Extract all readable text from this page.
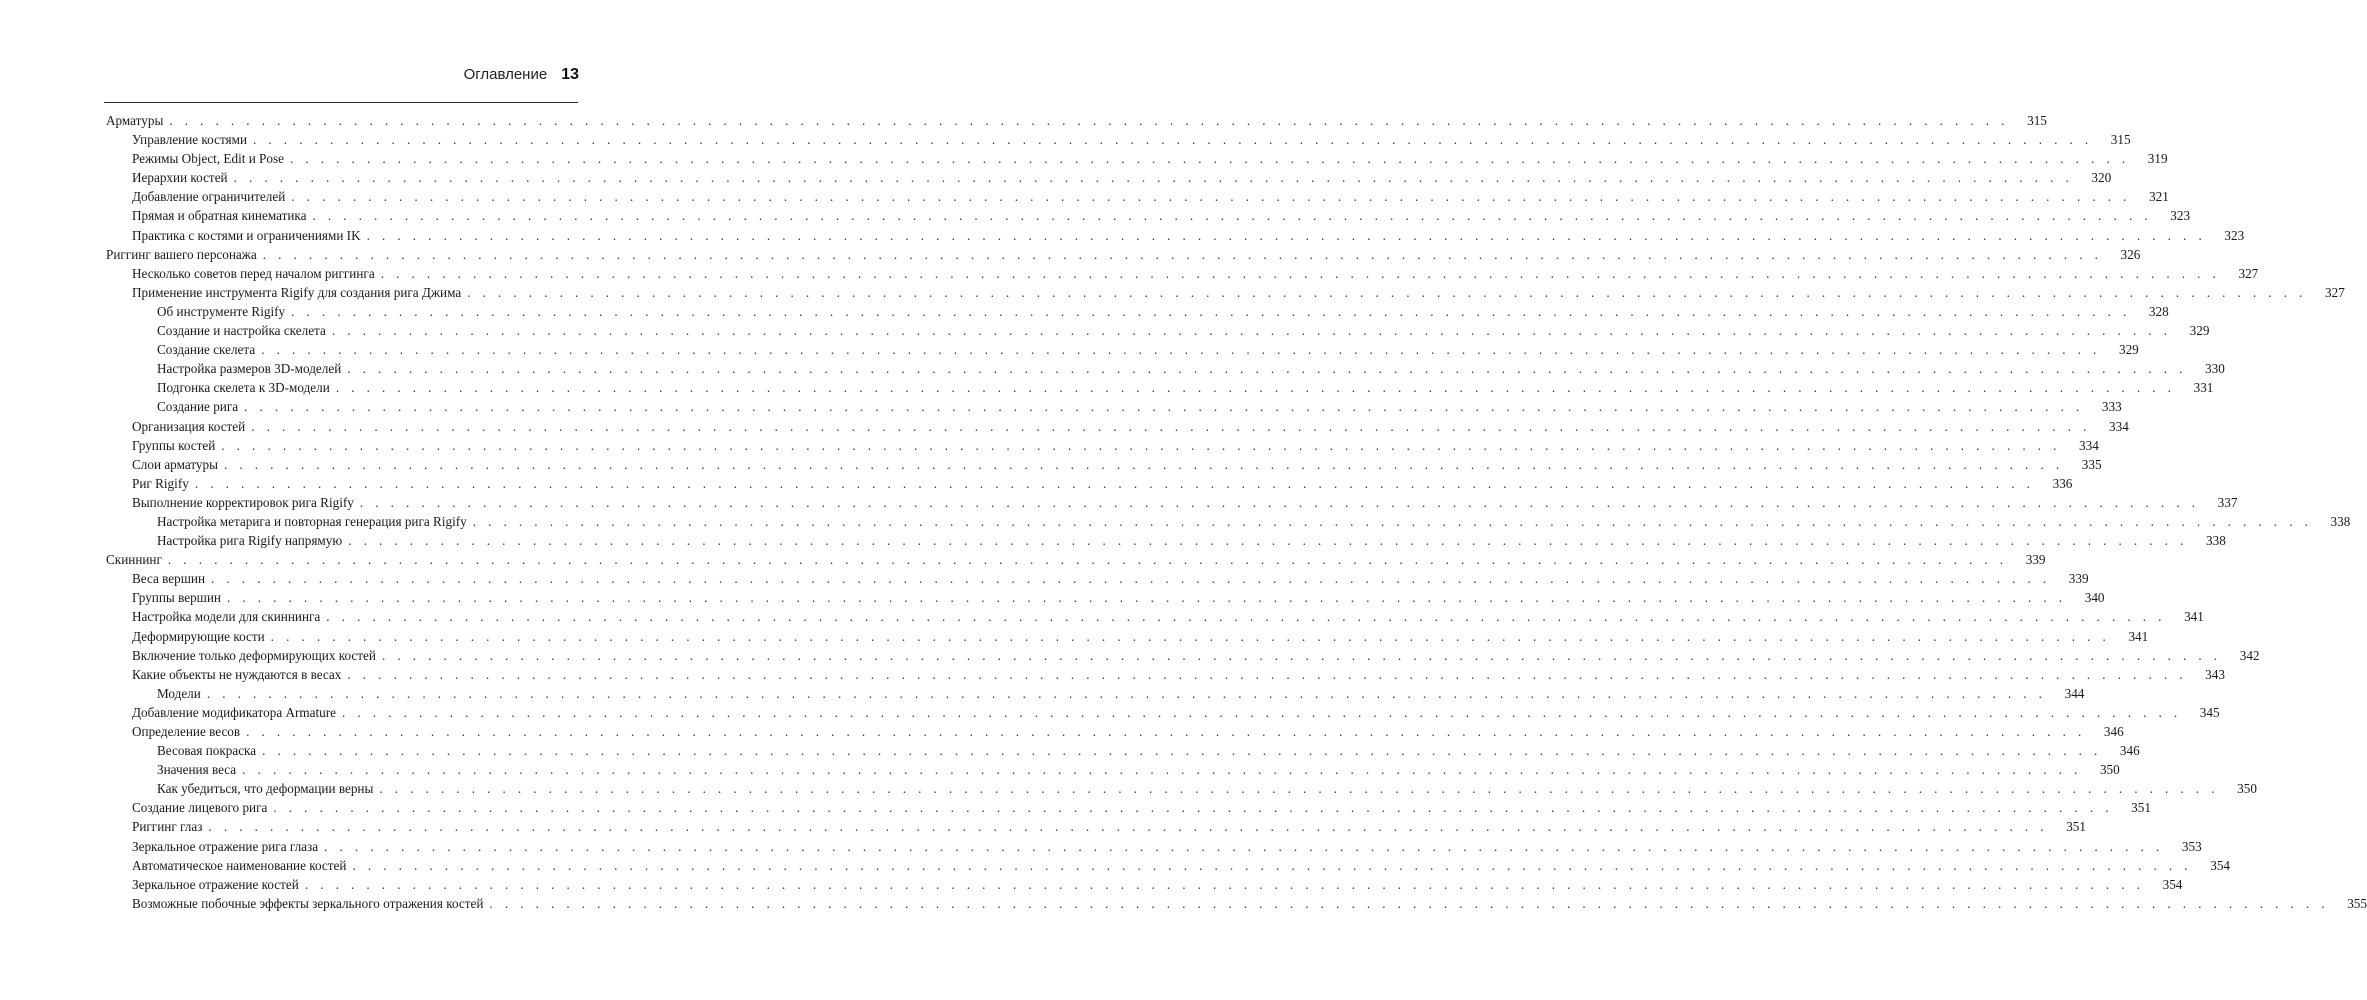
Оглавление 13
Арматуры . . . . . . . . . . . . . . . . . . . . . . . . . . . . . . . . . . . . . . . . . . . . . . . . . . . . . . . . . . . . . . . . . . . . . . . . . . . . . . . . . . . . . . . . . . . . . . . . . . . . . . . . . . . . . . . . . . . . . . . .	315
Управление костями . . . . . . . . . . . . . . . . . . . . . . . . . . . . . . . . . . . . . . . . . . . . . . . . . . . . . . . . . . . . . . . . . . . . . . . . . . . . . . . . . . . . . . . . . . . . . . . . . . . . . . . . . . . . . . . . . . . . . . . .	315
Режимы Object, Edit и Pose . . . . . . . . . . . . . . . . . . . . . . . . . . . . . . . . . . . . . . . . . . . . . . . . . . . . . . . . . . . . . . . . . . . . . . . . . . . . . . . . . . . . . . . . . . . . . . . . . . . . . . . . . . . . . . . . . . . . . . . .	319
Иерархии костей . . . . . . . . . . . . . . . . . . . . . . . . . . . . . . . . . . . . . . . . . . . . . . . . . . . . . . . . . . . . . . . . . . . . . . . . . . . . . . . . . . . . . . . . . . . . . . . . . . . . . . . . . . . . . . . . . . . . . . . .	320
Добавление ограничителей . . . . . . . . . . . . . . . . . . . . . . . . . . . . . . . . . . . . . . . . . . . . . . . . . . . . . . . . . . . . . . . . . . . . . . . . . . . . . . . . . . . . . . . . . . . . . . . . . . . . . . . . . . . . . . . . . . . . . . . .	321
Прямая и обратная кинематика . . . . . . . . . . . . . . . . . . . . . . . . . . . . . . . . . . . . . . . . . . . . . . . . . . . . . . . . . . . . . . . . . . . . . . . . . . . . . . . . . . . . . . . . . . . . . . . . . . . . . . . . . . . . . . . . . . . . . . . .	323
Практика с костями и ограничениями IK . . . . . . . . . . . . . . . . . . . . . . . . . . . . . . . . . . . . . . . . . . . . . . . . . . . . . . . . . . . . . . . . . . . . . . . . . . . . . . . . . . . . . . . . . . . . . . . . . . . . . . . . . . . . . . . . . . . . . . . .	323
Риггинг вашего персонажа . . . . . . . . . . . . . . . . . . . . . . . . . . . . . . . . . . . . . . . . . . . . . . . . . . . . . . . . . . . . . . . . . . . . . . . . . . . . . . . . . . . . . . . . . . . . . . . . . . . . . . . . . . . . . . . . . . . . . . . .	326
Несколько советов перед началом риггинга . . . . . . . . . . . . . . . . . . . . . . . . . . . . . . . . . . . . . . . . . . . . . . . . . . . . . . . . . . . . . . . . . . . . . . . . . . . . . . . . . . . . . . . . . . . . . . . . . . . . . . . . . . . . . . . . . . . . . . . .	327
Применение инструмента Rigify для создания рига Джима . . . . . . . . . . . . . . . . . . . . . . . . . . . . . . . . . . . . . . . . . . . . . . . . . . . . . . . . . . . . . . . . . . . . . . . . . . . . . . . . . . . . . . . . . . . . . . . . . . . . . . . . . . . . . . . . . . . . . . . .	327
Об инструменте Rigify . . . . . . . . . . . . . . . . . . . . . . . . . . . . . . . . . . . . . . . . . . . . . . . . . . . . . . . . . . . . . . . . . . . . . . . . . . . . . . . . . . . . . . . . . . . . . . . . . . . . . . . . . . . . . . . . . . . . . . . .	328
Создание и настройка скелета . . . . . . . . . . . . . . . . . . . . . . . . . . . . . . . . . . . . . . . . . . . . . . . . . . . . . . . . . . . . . . . . . . . . . . . . . . . . . . . . . . . . . . . . . . . . . . . . . . . . . . . . . . . . . . . . . . . . . . . .	329
Создание скелета . . . . . . . . . . . . . . . . . . . . . . . . . . . . . . . . . . . . . . . . . . . . . . . . . . . . . . . . . . . . . . . . . . . . . . . . . . . . . . . . . . . . . . . . . . . . . . . . . . . . . . . . . . . . . . . . . . . . . . . .	329
Настройка размеров 3D-моделей . . . . . . . . . . . . . . . . . . . . . . . . . . . . . . . . . . . . . . . . . . . . . . . . . . . . . . . . . . . . . . . . . . . . . . . . . . . . . . . . . . . . . . . . . . . . . . . . . . . . . . . . . . . . . . . . . . . . . . . .	330
Подгонка скелета к 3D-модели . . . . . . . . . . . . . . . . . . . . . . . . . . . . . . . . . . . . . . . . . . . . . . . . . . . . . . . . . . . . . . . . . . . . . . . . . . . . . . . . . . . . . . . . . . . . . . . . . . . . . . . . . . . . . . . . . . . . . . . .	331
Создание рига . . . . . . . . . . . . . . . . . . . . . . . . . . . . . . . . . . . . . . . . . . . . . . . . . . . . . . . . . . . . . . . . . . . . . . . . . . . . . . . . . . . . . . . . . . . . . . . . . . . . . . . . . . . . . . . . . . . . . . . .	333
Организация костей . . . . . . . . . . . . . . . . . . . . . . . . . . . . . . . . . . . . . . . . . . . . . . . . . . . . . . . . . . . . . . . . . . . . . . . . . . . . . . . . . . . . . . . . . . . . . . . . . . . . . . . . . . . . . . . . . . . . . . . .	334
Группы костей . . . . . . . . . . . . . . . . . . . . . . . . . . . . . . . . . . . . . . . . . . . . . . . . . . . . . . . . . . . . . . . . . . . . . . . . . . . . . . . . . . . . . . . . . . . . . . . . . . . . . . . . . . . . . . . . . . . . . . . .	334
Слои арматуры . . . . . . . . . . . . . . . . . . . . . . . . . . . . . . . . . . . . . . . . . . . . . . . . . . . . . . . . . . . . . . . . . . . . . . . . . . . . . . . . . . . . . . . . . . . . . . . . . . . . . . . . . . . . . . . . . . . . . . . .	335
Риг Rigify . . . . . . . . . . . . . . . . . . . . . . . . . . . . . . . . . . . . . . . . . . . . . . . . . . . . . . . . . . . . . . . . . . . . . . . . . . . . . . . . . . . . . . . . . . . . . . . . . . . . . . . . . . . . . . . . . . . . . . . .	336
Выполнение корректировок рига Rigify . . . . . . . . . . . . . . . . . . . . . . . . . . . . . . . . . . . . . . . . . . . . . . . . . . . . . . . . . . . . . . . . . . . . . . . . . . . . . . . . . . . . . . . . . . . . . . . . . . . . . . . . . . . . . . . . . . . . . . . .	337
Настройка метарига и повторная генерация рига Rigify . . . . . . . . . . . . . . . . . . . . . . . . . . . . . . . . . . . . . . . . . . . . . . . . . . . . . . . . . . . . . . . . . . . . . . . . . . . . . . . . . . . . . . . . . . . . . . . . . . . . . . . . . . . . . . . . . . . . . . . .	338
Настройка рига Rigify напрямую . . . . . . . . . . . . . . . . . . . . . . . . . . . . . . . . . . . . . . . . . . . . . . . . . . . . . . . . . . . . . . . . . . . . . . . . . . . . . . . . . . . . . . . . . . . . . . . . . . . . . . . . . . . . . . . . . . . . . . . .	338
Скиннинг . . . . . . . . . . . . . . . . . . . . . . . . . . . . . . . . . . . . . . . . . . . . . . . . . . . . . . . . . . . . . . . . . . . . . . . . . . . . . . . . . . . . . . . . . . . . . . . . . . . . . . . . . . . . . . . . . . . . . . . .	339
Веса вершин . . . . . . . . . . . . . . . . . . . . . . . . . . . . . . . . . . . . . . . . . . . . . . . . . . . . . . . . . . . . . . . . . . . . . . . . . . . . . . . . . . . . . . . . . . . . . . . . . . . . . . . . . . . . . . . . . . . . . . . .	339
Группы вершин . . . . . . . . . . . . . . . . . . . . . . . . . . . . . . . . . . . . . . . . . . . . . . . . . . . . . . . . . . . . . . . . . . . . . . . . . . . . . . . . . . . . . . . . . . . . . . . . . . . . . . . . . . . . . . . . . . . . . . . .	340
Настройка модели для скиннинга . . . . . . . . . . . . . . . . . . . . . . . . . . . . . . . . . . . . . . . . . . . . . . . . . . . . . . . . . . . . . . . . . . . . . . . . . . . . . . . . . . . . . . . . . . . . . . . . . . . . . . . . . . . . . . . . . . . . . . . .	341
Деформирующие кости . . . . . . . . . . . . . . . . . . . . . . . . . . . . . . . . . . . . . . . . . . . . . . . . . . . . . . . . . . . . . . . . . . . . . . . . . . . . . . . . . . . . . . . . . . . . . . . . . . . . . . . . . . . . . . . . . . . . . . . .	341
Включение только деформирующих костей . . . . . . . . . . . . . . . . . . . . . . . . . . . . . . . . . . . . . . . . . . . . . . . . . . . . . . . . . . . . . . . . . . . . . . . . . . . . . . . . . . . . . . . . . . . . . . . . . . . . . . . . . . . . . . . . . . . . . . . .	342
Какие объекты не нуждаются в весах . . . . . . . . . . . . . . . . . . . . . . . . . . . . . . . . . . . . . . . . . . . . . . . . . . . . . . . . . . . . . . . . . . . . . . . . . . . . . . . . . . . . . . . . . . . . . . . . . . . . . . . . . . . . . . . . . . . . . . . .	343
Модели . . . . . . . . . . . . . . . . . . . . . . . . . . . . . . . . . . . . . . . . . . . . . . . . . . . . . . . . . . . . . . . . . . . . . . . . . . . . . . . . . . . . . . . . . . . . . . . . . . . . . . . . . . . . . . . . . . . . . . . .	344
Добавление модификатора Armature . . . . . . . . . . . . . . . . . . . . . . . . . . . . . . . . . . . . . . . . . . . . . . . . . . . . . . . . . . . . . . . . . . . . . . . . . . . . . . . . . . . . . . . . . . . . . . . . . . . . . . . . . . . . . . . . . . . . . . . .	345
Определение весов . . . . . . . . . . . . . . . . . . . . . . . . . . . . . . . . . . . . . . . . . . . . . . . . . . . . . . . . . . . . . . . . . . . . . . . . . . . . . . . . . . . . . . . . . . . . . . . . . . . . . . . . . . . . . . . . . . . . . . . .	346
Весовая покраска . . . . . . . . . . . . . . . . . . . . . . . . . . . . . . . . . . . . . . . . . . . . . . . . . . . . . . . . . . . . . . . . . . . . . . . . . . . . . . . . . . . . . . . . . . . . . . . . . . . . . . . . . . . . . . . . . . . . . . . .	346
Значения веса . . . . . . . . . . . . . . . . . . . . . . . . . . . . . . . . . . . . . . . . . . . . . . . . . . . . . . . . . . . . . . . . . . . . . . . . . . . . . . . . . . . . . . . . . . . . . . . . . . . . . . . . . . . . . . . . . . . . . . . .	350
Как убедиться, что деформации верны . . . . . . . . . . . . . . . . . . . . . . . . . . . . . . . . . . . . . . . . . . . . . . . . . . . . . . . . . . . . . . . . . . . . . . . . . . . . . . . . . . . . . . . . . . . . . . . . . . . . . . . . . . . . . . . . . . . . . . . .	350
Создание лицевого рига . . . . . . . . . . . . . . . . . . . . . . . . . . . . . . . . . . . . . . . . . . . . . . . . . . . . . . . . . . . . . . . . . . . . . . . . . . . . . . . . . . . . . . . . . . . . . . . . . . . . . . . . . . . . . . . . . . . . . . . .	351
Риггинг глаз . . . . . . . . . . . . . . . . . . . . . . . . . . . . . . . . . . . . . . . . . . . . . . . . . . . . . . . . . . . . . . . . . . . . . . . . . . . . . . . . . . . . . . . . . . . . . . . . . . . . . . . . . . . . . . . . . . . . . . . .	351
Зеркальное отражение рига глаза . . . . . . . . . . . . . . . . . . . . . . . . . . . . . . . . . . . . . . . . . . . . . . . . . . . . . . . . . . . . . . . . . . . . . . . . . . . . . . . . . . . . . . . . . . . . . . . . . . . . . . . . . . . . . . . . . . . . . . . .	353
Автоматическое наименование костей . . . . . . . . . . . . . . . . . . . . . . . . . . . . . . . . . . . . . . . . . . . . . . . . . . . . . . . . . . . . . . . . . . . . . . . . . . . . . . . . . . . . . . . . . . . . . . . . . . . . . . . . . . . . . . . . . . . . . . . .	354
Зеркальное отражение костей . . . . . . . . . . . . . . . . . . . . . . . . . . . . . . . . . . . . . . . . . . . . . . . . . . . . . . . . . . . . . . . . . . . . . . . . . . . . . . . . . . . . . . . . . . . . . . . . . . . . . . . . . . . . . . . . . . . . . . . .	354
Возможные побочные эффекты зеркального отражения костей . . . . . . . . . . . . . . . . . . . . . . . . . . . . . . . . . . . . . . . . . . . . . . . . . . . . . . . . . . . . . . . . . . . . . . . . . . . . . . . . . . . . . . . . . . . . . . . . . . . . . . . . . . . . . . . . . . . . . . . .	355
